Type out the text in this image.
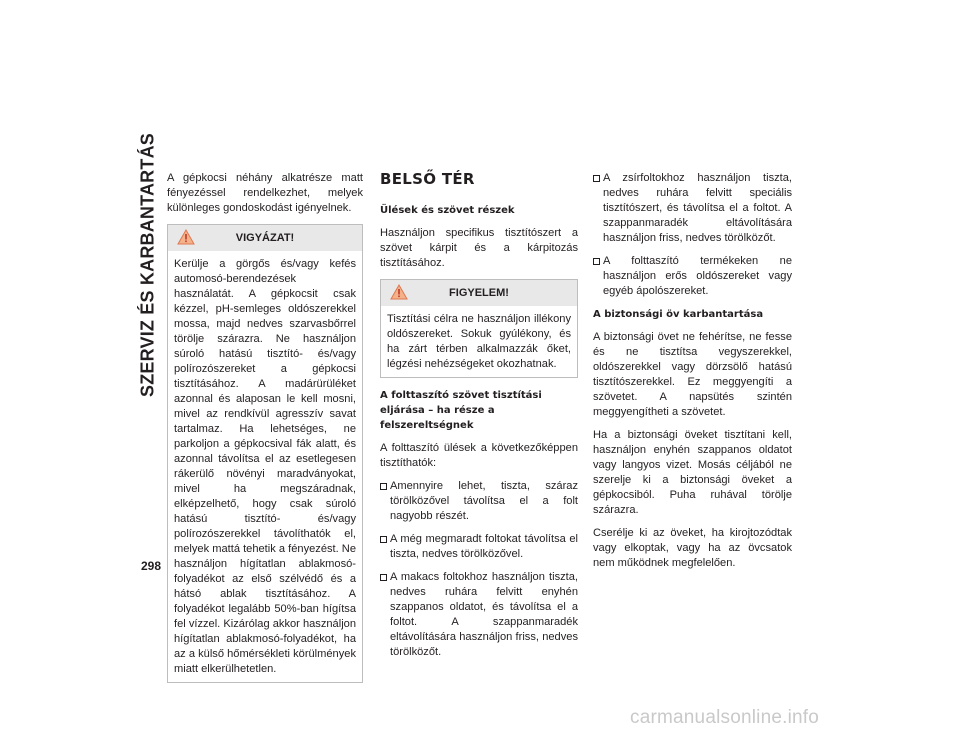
SZERVIZ ÉS KARBANTARTÁS
298

A gépkocsi néhány alkatrésze matt fényezéssel rendelkezhet, melyek különleges gondoskodást igényelnek.

VIGYÁZAT!
Kerülje a görgős és/vagy kefés automosó-berendezések használatát. A gépkocsit csak kézzel, pH-semleges oldószerekkel mossa, majd nedves szarvasbőrrel törölje szárazra. Ne használjon súroló hatású tisztító- és/vagy polírozószereket a gépkocsi tisztításához. A madárürüléket azonnal és alaposan le kell mosni, mivel az rendkívül agresszív savat tartalmaz. Ha lehetséges, ne parkoljon a gépkocsival fák alatt, és azonnal távolítsa el az esetlegesen rákerülő növényi maradványokat, mivel ha megszáradnak, elképzelhető, hogy csak súroló hatású tisztító- és/vagy polírozószerekkel távolíthatók el, melyek mattá tehetik a fényezést. Ne használjon hígítatlan ablakmosó-folyadékot az első szélvédő és a hátsó ablak tisztításához. A folyadékot legalább 50%-ban hígítsa fel vízzel. Kizárólag akkor használjon hígítatlan ablakmosó-folyadékot, ha az a külső hőmérsékleti körülmények miatt elkerülhetetlen.
BELSŐ TÉR
Ülések és szövet részek

Használjon specifikus tisztítószert a szövet kárpit és a kárpitozás tisztításához.

FIGYELEM!
Tisztítási célra ne használjon illékony oldószereket. Sokuk gyúlékony, és ha zárt térben alkalmazzák őket, légzési nehézségeket okozhatnak.
A folttaszító szövet tisztítási eljárása – ha része a felszereltségnek

A folttaszító ülések a következőképpen tisztíthatók:

Amennyire lehet, tiszta, száraz törölközővel távolítsa el a folt nagyobb részét.
A még megmaradt foltokat távolítsa el tiszta, nedves törölközővel.
A makacs foltokhoz használjon tiszta, nedves ruhára felvitt enyhén szappanos oldatot, és távolítsa el a foltot. A szappanmaradék eltávolítására használjon friss, nedves törölközőt.
A zsírfoltokhoz használjon tiszta, nedves ruhára felvitt speciális tisztítószert, és távolítsa el a foltot. A szappanmaradék eltávolítására használjon friss, nedves törölközőt.
A folttaszító termékeken ne használjon erős oldószereket vagy egyéb ápolószereket.
A biztonsági öv karbantartása

A biztonsági övet ne fehérítse, ne fesse és ne tisztítsa vegyszerekkel, oldószerekkel vagy dörzsölő hatású tisztítószerekkel. Ez meggyengíti a szövetet. A napsütés szintén meggyengítheti a szövetet.

Ha a biztonsági öveket tisztítani kell, használjon enyhén szappanos oldatot vagy langyos vizet. Mosás céljából ne szerelje ki a biztonsági öveket a gépkocsiból. Puha ruhával törölje szárazra.

Cserélje ki az öveket, ha kirojtozódtak vagy elkoptak, vagy ha az övcsatok nem működnek megfelelően.

carmanualsonline.info
